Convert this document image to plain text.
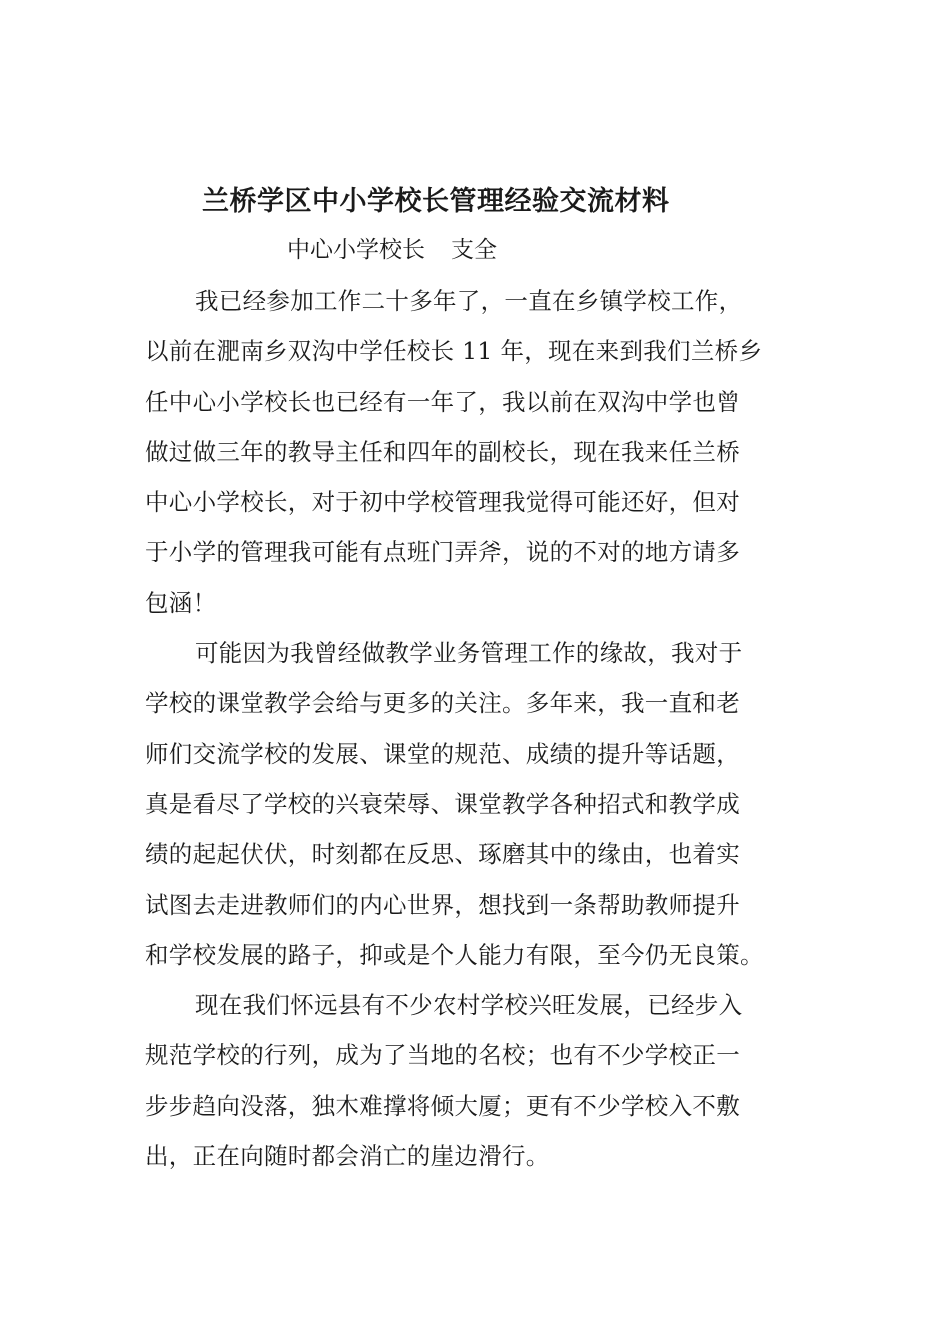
兰桥学区中小学校长管理经验交流材料

中心小学校长 支全

我已经参加工作二十多年了，一直在乡镇学校工作，
以前在淝南乡双沟中学任校长 11 年，现在来到我们兰桥乡
任中心小学校长也已经有一年了，我以前在双沟中学也曾
做过做三年的教导主任和四年的副校长，现在我来任兰桥
中心小学校长，对于初中学校管理我觉得可能还好，但对
于小学的管理我可能有点班门弄斧，说的不对的地方请多
包涵！
可能因为我曾经做教学业务管理工作的缘故，我对于
学校的课堂教学会给与更多的关注。多年来，我一直和老
师们交流学校的发展、课堂的规范、成绩的提升等话题，
真是看尽了学校的兴衰荣辱、课堂教学各种招式和教学成
绩的起起伏伏，时刻都在反思、琢磨其中的缘由，也着实
试图去走进教师们的内心世界，想找到一条帮助教师提升
和学校发展的路子，抑或是个人能力有限，至今仍无良策。
现在我们怀远县有不少农村学校兴旺发展，已经步入
规范学校的行列，成为了当地的名校；也有不少学校正一
步步趋向没落，独木难撑将倾大厦；更有不少学校入不敷
出，正在向随时都会消亡的崖边滑行。
